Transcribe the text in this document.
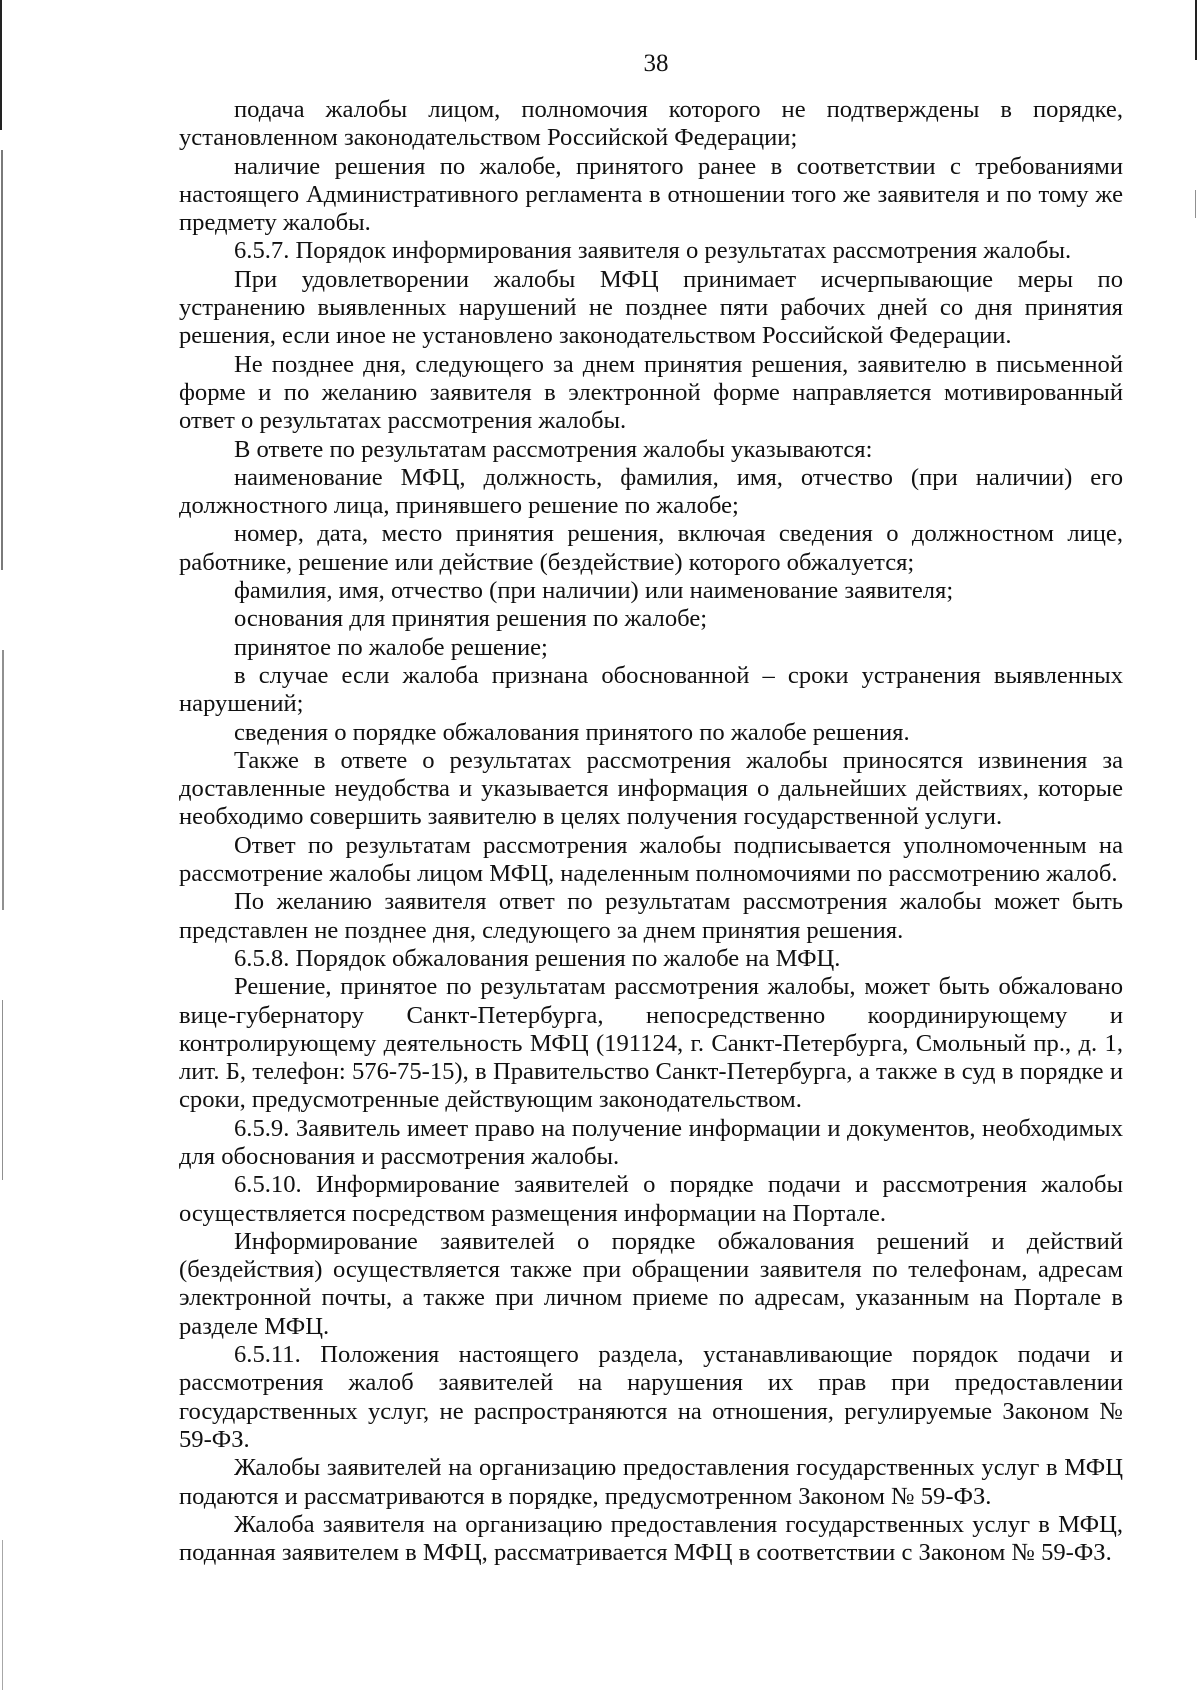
38

подача жалобы лицом, полномочия которого не подтверждены в порядке, установленном законодательством Российской Федерации;

наличие решения по жалобе, принятого ранее в соответствии с требованиями настоящего Административного регламента в отношении того же заявителя и по тому же предмету жалобы.

6.5.7. Порядок информирования заявителя о результатах рассмотрения жалобы.

При удовлетворении жалобы МФЦ принимает исчерпывающие меры по устранению выявленных нарушений не позднее пяти рабочих дней со дня принятия решения, если иное не установлено законодательством Российской Федерации.

Не позднее дня, следующего за днем принятия решения, заявителю в письменной форме и по желанию заявителя в электронной форме направляется мотивированный ответ о результатах рассмотрения жалобы.

В ответе по результатам рассмотрения жалобы указываются:

наименование МФЦ, должность, фамилия, имя, отчество (при наличии) его должностного лица, принявшего решение по жалобе;

номер, дата, место принятия решения, включая сведения о должностном лице, работнике, решение или действие (бездействие) которого обжалуется;

фамилия, имя, отчество (при наличии) или наименование заявителя;

основания для принятия решения по жалобе;

принятое по жалобе решение;

в случае если жалоба признана обоснованной – сроки устранения выявленных нарушений;

сведения о порядке обжалования принятого по жалобе решения.

Также в ответе о результатах рассмотрения жалобы приносятся извинения за доставленные неудобства и указывается информация о дальнейших действиях, которые необходимо совершить заявителю в целях получения государственной услуги.

Ответ по результатам рассмотрения жалобы подписывается уполномоченным на рассмотрение жалобы лицом МФЦ, наделенным полномочиями по рассмотрению жалоб.

По желанию заявителя ответ по результатам рассмотрения жалобы может быть представлен не позднее дня, следующего за днем принятия решения.

6.5.8. Порядок обжалования решения по жалобе на МФЦ.

Решение, принятое по результатам рассмотрения жалобы, может быть обжаловано вице-губернатору Санкт-Петербурга, непосредственно координирующему и контролирующему деятельность МФЦ (191124, г. Санкт-Петербурга, Смольный пр., д. 1, лит. Б, телефон: 576-75-15), в Правительство Санкт-Петербурга, а также в суд в порядке и сроки, предусмотренные действующим законодательством.

6.5.9. Заявитель имеет право на получение информации и документов, необходимых для обоснования и рассмотрения жалобы.

6.5.10. Информирование заявителей о порядке подачи и рассмотрения жалобы осуществляется посредством размещения информации на Портале.

Информирование заявителей о порядке обжалования решений и действий (бездействия) осуществляется также при обращении заявителя по телефонам, адресам электронной почты, а также при личном приеме по адресам, указанным на Портале в разделе МФЦ.

6.5.11. Положения настоящего раздела, устанавливающие порядок подачи и рассмотрения жалоб заявителей на нарушения их прав при предоставлении государственных услуг, не распространяются на отношения, регулируемые Законом № 59-ФЗ.

Жалобы заявителей на организацию предоставления государственных услуг в МФЦ подаются и рассматриваются в порядке, предусмотренном Законом № 59-ФЗ.

Жалоба заявителя на организацию предоставления государственных услуг в МФЦ, поданная заявителем в МФЦ, рассматривается МФЦ в соответствии с Законом № 59-ФЗ.
